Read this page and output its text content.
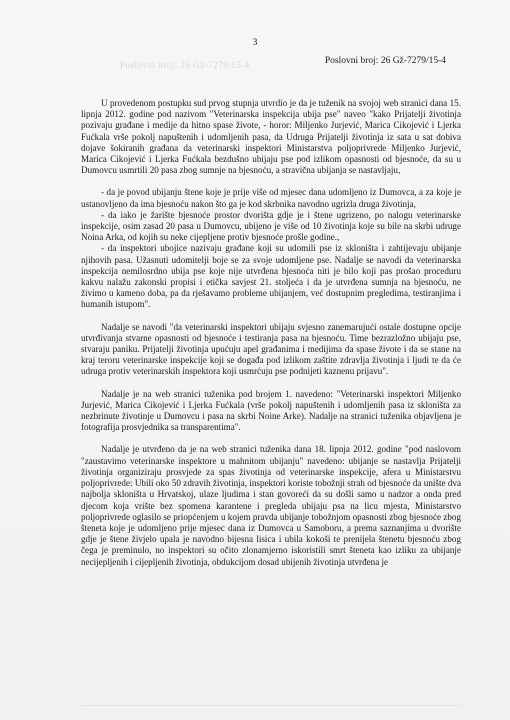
Poslovni broj: 26 Gž-7279/15-4
3
Poslovni broj: 26 Gž-7279/15-4

U provedenom postupku sud prvog stupnja utvrdio je da je tuženik na svojoj web stranici dana 15. lipnja 2012. godine pod nazivom "Veterinarska inspekcija ubija pse" naveo "kako Prijatelji životinja pozivaju građane i medije da hitno spase živote, - horor: Miljenko Jurjević, Marica Cikojević i Ljerka Fućkala vrše pokolj napuštenih i udomljenih pasa, da Udruga Prijatelji životinja iz sata u sat dobiva dojave šokiranih građana da veterinarski inspektori Ministarstva poljoprivrede Miljenko Jurjević, Marica Cikojević i Ljerka Fućkala bezdušno ubijaju pse pod izlikom opasnosti od bjesnoće, da su u Dumovcu usmrtili 20 pasa zbog sumnje na bjesnoću, a stravična ubijanja se nastavljaju,

- da je povod ubijanju štene koje je prije više od mjesec dana udomljeno iz Dumovca, a za koje je ustanovljeno da ima bjesnoću nakon što ga je kod skrbnika navodno ugrizla druga životinja,

- da iako je žarište bjesnoće prostor dvorišta gdje je i štene ugrizeno, po nalogu veterinarske inspekcije, osim zasad 20 pasa u Dumovcu, ubijeno je više od 10 životinja koje su bile na skrbi udruge Noina Arka, od kojih su neke cijepljene protiv bjesnoće prošle godine.,

- da inspektori ubojice nazivaju građane koji su udomili pse iz skloništa i zahtijevaju ubijanje njihovih pasa. Užasnuti udomitelji boje se za svoje udomljene pse. Nadalje se navodi da veterinarska inspekcija nemilosrdno ubija pse koje nije utvrđena bjesnoća niti je bilo koji pas prošao proceduru kakvu nalažu zakonski propisi i etička savjest 21. stoljeća i da je utvrđena sumnja na bjesnoću, ne živimo u kameno doba, pa da rješavamo probleme ubijanjem, već dostupnim pregledima, testiranjima i humanih istupom".

Nadalje se navodi "da veterinarski inspektori ubijaju svjesno zanemarujući ostale dostupne opcije utvrđivanja stvarne opasnosti od bjesnoće i testiranja pasa na bjesnoću. Time bezrazložno ubijaju pse, stvaraju paniku. Prijatelji životinja upućuju apel građanima i medijima da spase živote i da se stane na kraj teroru veterinarske inspekcije koji se događa pod izlikom zaštite zdravlja životinja i ljudi te da će udruga protiv veterinarskih inspektora koji usmrćuju pse podnijeti kaznenu prijavu".

Nadalje je na web stranici tuženika pod brojem 1. navedeno: "Veterinarski inspektori Miljenko Jurjević, Marica Cikojević i Ljerka Fućkala (vrše pokolj napuštenih i udomljenih pasa iz skloništa za nezbrinute životinje u Dumovcu i pasa na skrbi Noine Arke). Nadalje na stranici tuženika objavljena je fotografija prosvjednika sa transparentima".

Nadalje je utvrđeno da je na web stranici tuženika dana 18. lipnja 2012. godine "pod naslovom "zaustavimo veterinarske inspektore u mahnitom ubijanju" navedeno: ubijanje se nastavlja Prijatelji životinja organiziraju prosvjede za spas životinja od veterinarske inspekcije, afera u Ministarstvu poljoprivrede: Ubili oko 50 zdravih životinja, inspektori koriste tobožnji strah od bjesnoće da unište dva najbolja skloništa u Hrvatskoj, ulaze ljudima i stan govoreći da su došli samo u nadzor a onda pred djecom koja vrište bez spomena karantene i pregleda ubijaju psa na licu mjesta, Ministarstvo poljoprivrede oglasilo se priopćenjem u kojem pravda ubijanje tobožnjom opasnosti zbog bjesnoće zbog šteneta koje je udomljeno prije mjesec dana iz Dumovca u Samoboru, a prema saznanjima u dvorište gdje je štene živjelo upala je navodno bijesna lisica i ubila kokoši te prenijela štenetu bjesnoću zbog čega je preminulo, no inspektori su očito zlonamjerno iskoristili smrt šteneta kao izliku za ubijanje necijepljenih i cijepljenih životinja, obdukcijom dosad ubijenih životinja utvrđena je
